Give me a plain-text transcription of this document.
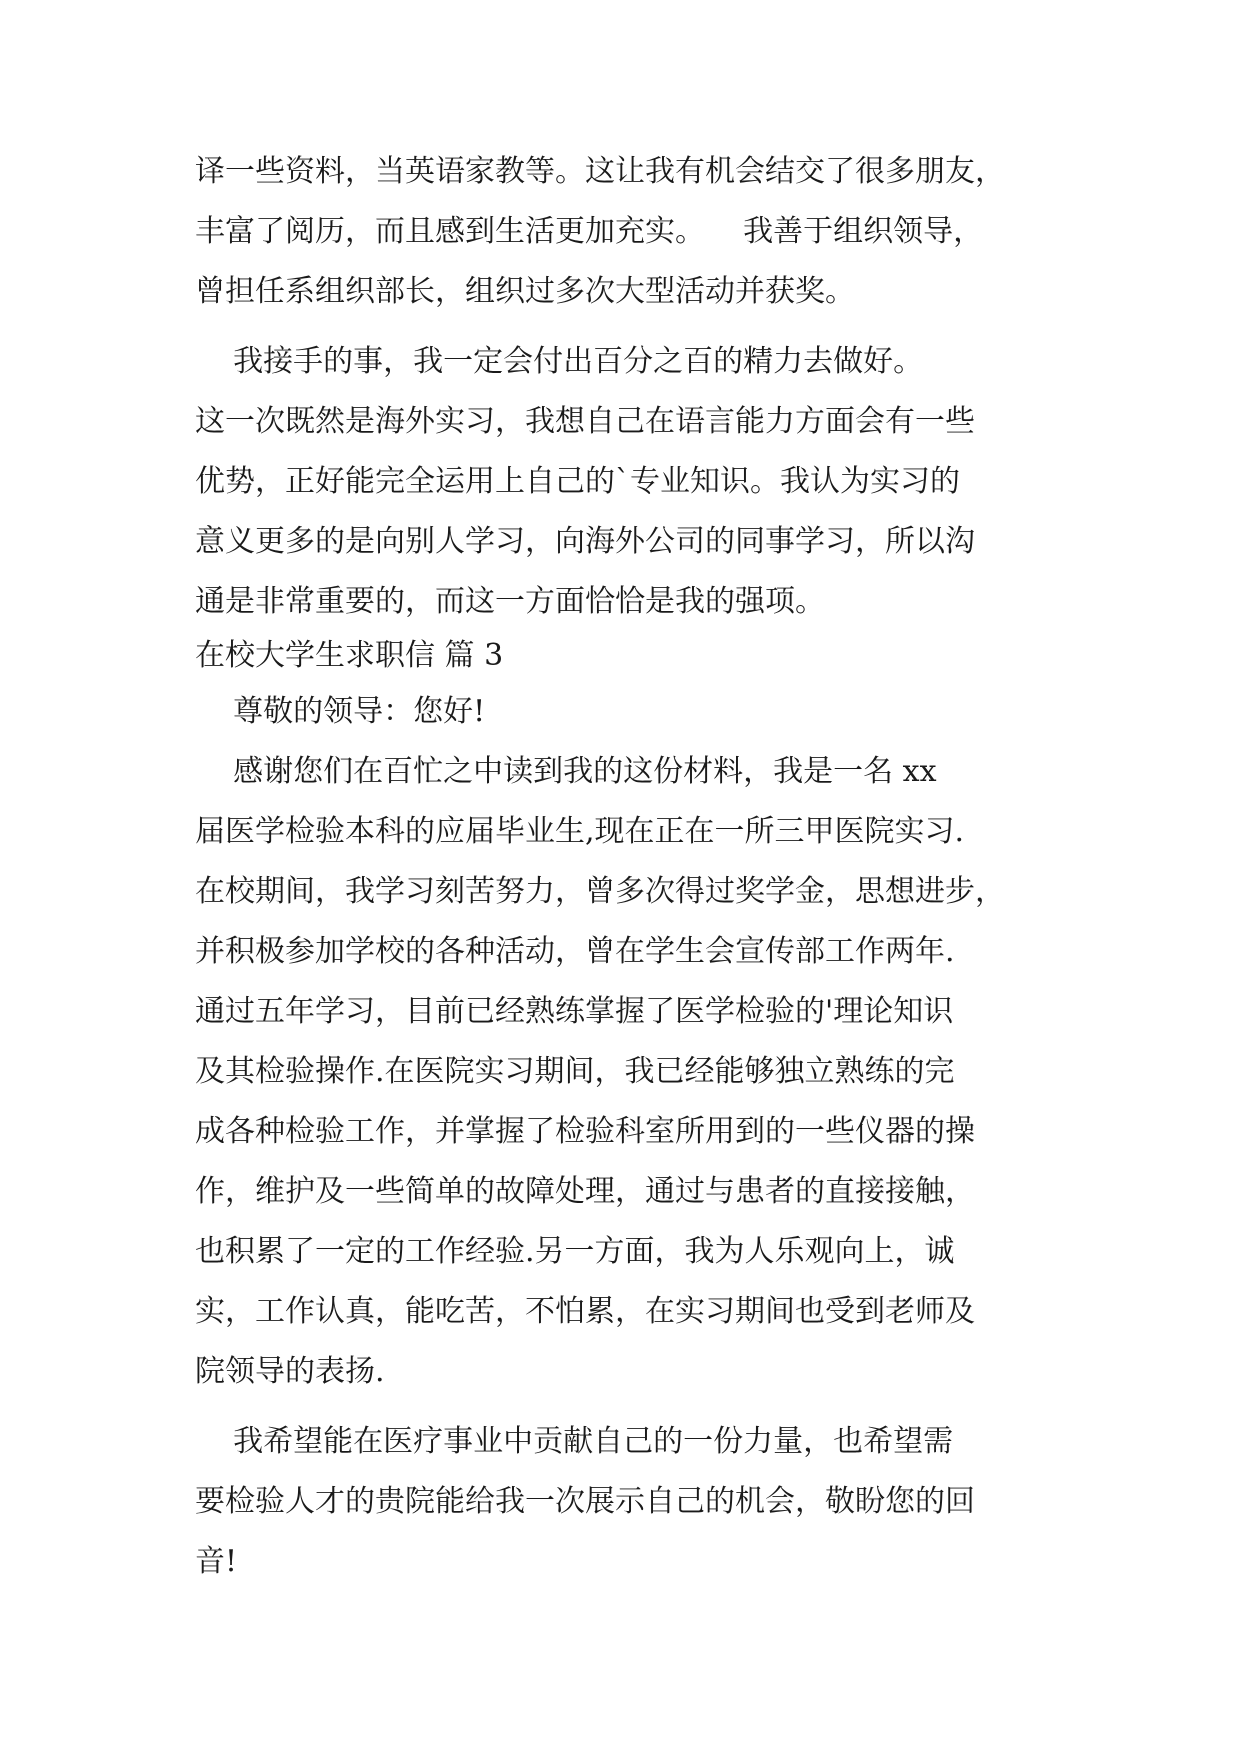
译一些资料，当英语家教等。这让我有机会结交了很多朋友，
丰富了阅历，而且感到生活更加充实。    我善于组织领导，
曾担任系组织部长，组织过多次大型活动并获奖。
我接手的事，我一定会付出百分之百的精力去做好。
这一次既然是海外实习，我想自己在语言能力方面会有一些
优势，正好能完全运用上自己的`专业知识。我认为实习的
意义更多的是向别人学习，向海外公司的同事学习，所以沟
通是非常重要的，而这一方面恰恰是我的强项。
在校大学生求职信 篇 3
尊敬的领导：您好!
感谢您们在百忙之中读到我的这份材料，我是一名 xx
届医学检验本科的应届毕业生,现在正在一所三甲医院实习.
在校期间，我学习刻苦努力，曾多次得过奖学金，思想进步，
并积极参加学校的各种活动，曾在学生会宣传部工作两年.
通过五年学习，目前已经熟练掌握了医学检验的'理论知识
及其检验操作.在医院实习期间，我已经能够独立熟练的完
成各种检验工作，并掌握了检验科室所用到的一些仪器的操
作，维护及一些简单的故障处理，通过与患者的直接接触，
也积累了一定的工作经验.另一方面，我为人乐观向上，诚
实，工作认真，能吃苦，不怕累，在实习期间也受到老师及
院领导的表扬.
我希望能在医疗事业中贡献自己的一份力量，也希望需
要检验人才的贵院能给我一次展示自己的机会，敬盼您的回
音!
